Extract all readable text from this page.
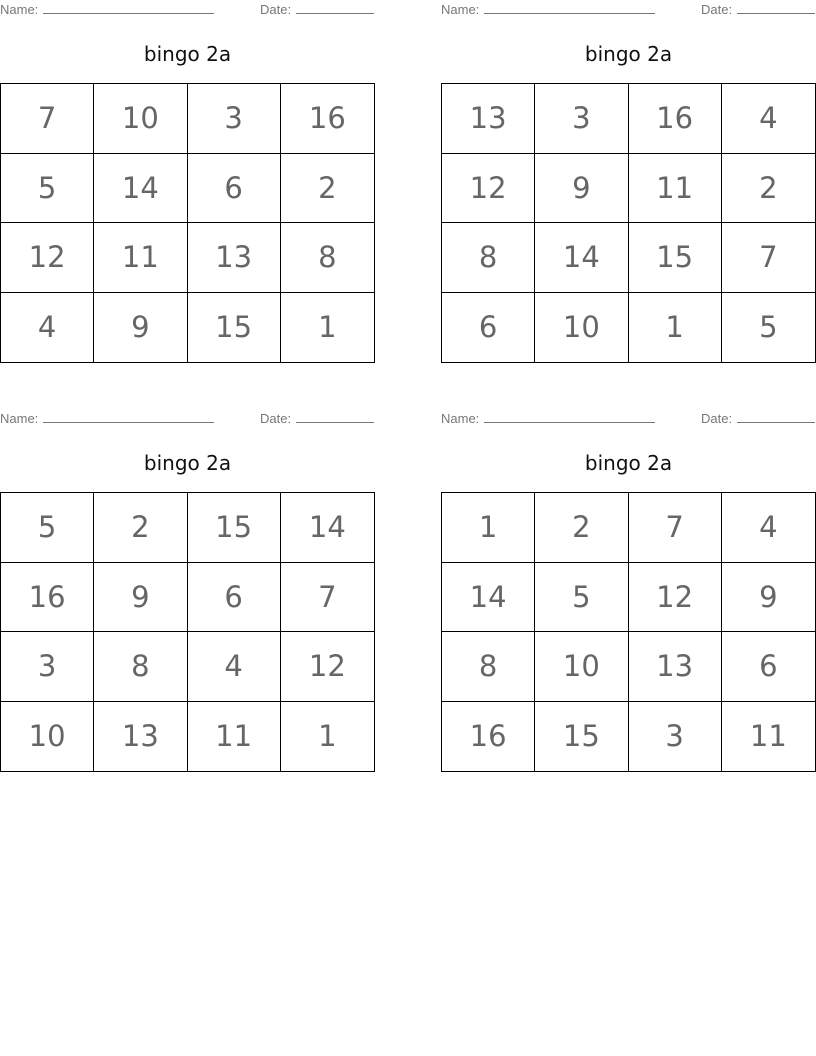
Name:	Date:
bingo 2a
7	10	3	16
5	14	6	2
12	11	13	8
4	9	15	1
Name:	Date:
bingo 2a
13	3	16	4
12	9	11	2
8	14	15	7
6	10	1	5
Name:	Date:
bingo 2a
5	2	15	14
16	9	6	7
3	8	4	12
10	13	11	1
Name:	Date:
bingo 2a
1	2	7	4
14	5	12	9
8	10	13	6
16	15	3	11
